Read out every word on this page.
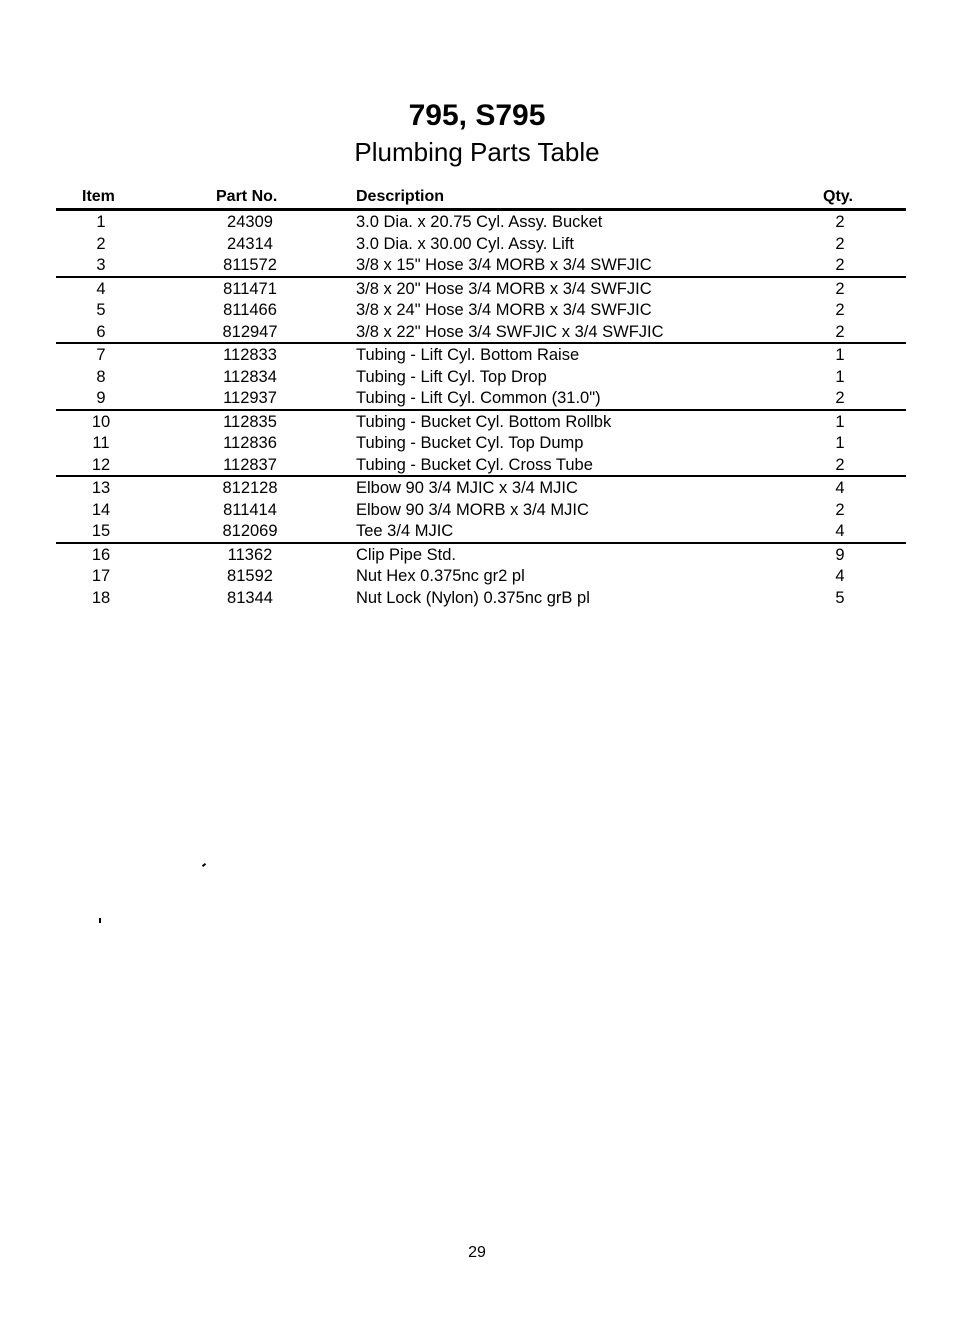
795, S795
Plumbing Parts Table
Item	Part No.	Description	Qty.
1	24309	3.0 Dia. x 20.75 Cyl. Assy. Bucket	2
2	24314	3.0 Dia. x 30.00 Cyl. Assy. Lift	2
3	811572	3/8 x 15" Hose 3/4 MORB x 3/4 SWFJIC	2
4	811471	3/8 x 20" Hose 3/4 MORB x 3/4 SWFJIC	2
5	811466	3/8 x 24" Hose 3/4 MORB x 3/4 SWFJIC	2
6	812947	3/8 x 22" Hose 3/4 SWFJIC x 3/4 SWFJIC	2
7	112833	Tubing - Lift Cyl. Bottom Raise	1
8	112834	Tubing - Lift Cyl. Top Drop	1
9	112937	Tubing - Lift Cyl. Common (31.0")	2
10	112835	Tubing - Bucket Cyl. Bottom Rollbk	1
11	112836	Tubing - Bucket Cyl. Top Dump	1
12	112837	Tubing - Bucket Cyl. Cross Tube	2
13	812128	Elbow 90 3/4 MJIC x 3/4 MJIC	4
14	811414	Elbow 90 3/4 MORB x 3/4 MJIC	2
15	812069	Tee 3/4 MJIC	4
16	11362	Clip Pipe Std.	9
17	81592	Nut Hex 0.375nc gr2 pl	4
18	81344	Nut Lock (Nylon) 0.375nc grB pl	5
29
